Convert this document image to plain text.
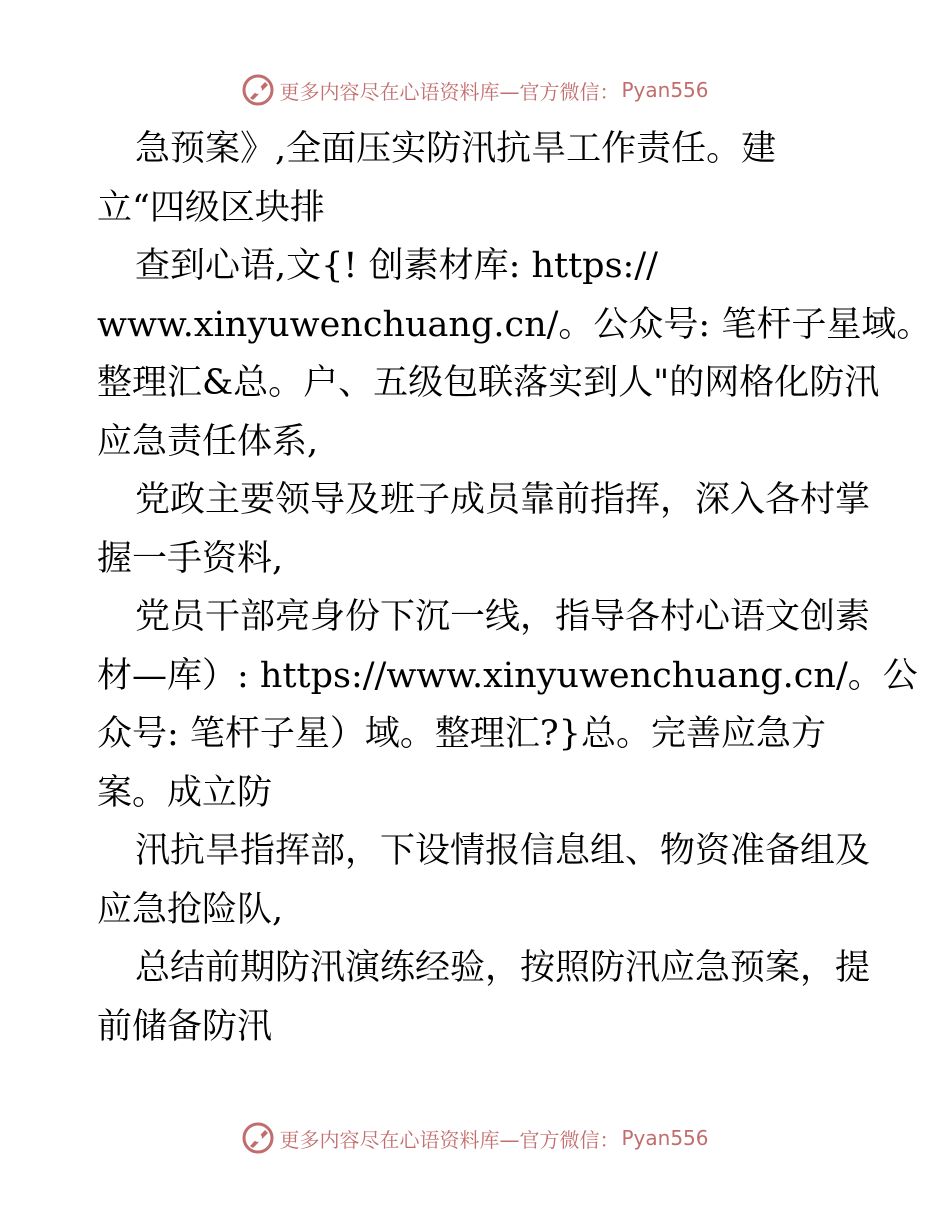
更多内容尽在心语资料库—官方微信： Pyan556

急预案》,全面压实防汛抗旱工作责任。建
立“四级区块排
查到心语,文{! 创素材库: https://
www.xinyuwenchuang.cn/。公众号: 笔杆子星域。
整理汇&总。户、五级包联落实到人"的网格化防汛
应急责任体系,
党政主要领导及班子成员靠前指挥，深入各村掌
握一手资料,
党员干部亮身份下沉一线，指导各村心语文创素
材—库）: https://www.xinyuwenchuang.cn/。公
众号: 笔杆子星）域。整理汇?}总。完善应急方
案。成立防
汛抗旱指挥部，下设情报信息组、物资准备组及
应急抢险队,
总结前期防汛演练经验，按照防汛应急预案，提
前储备防汛

更多内容尽在心语资料库—官方微信： Pyan556
